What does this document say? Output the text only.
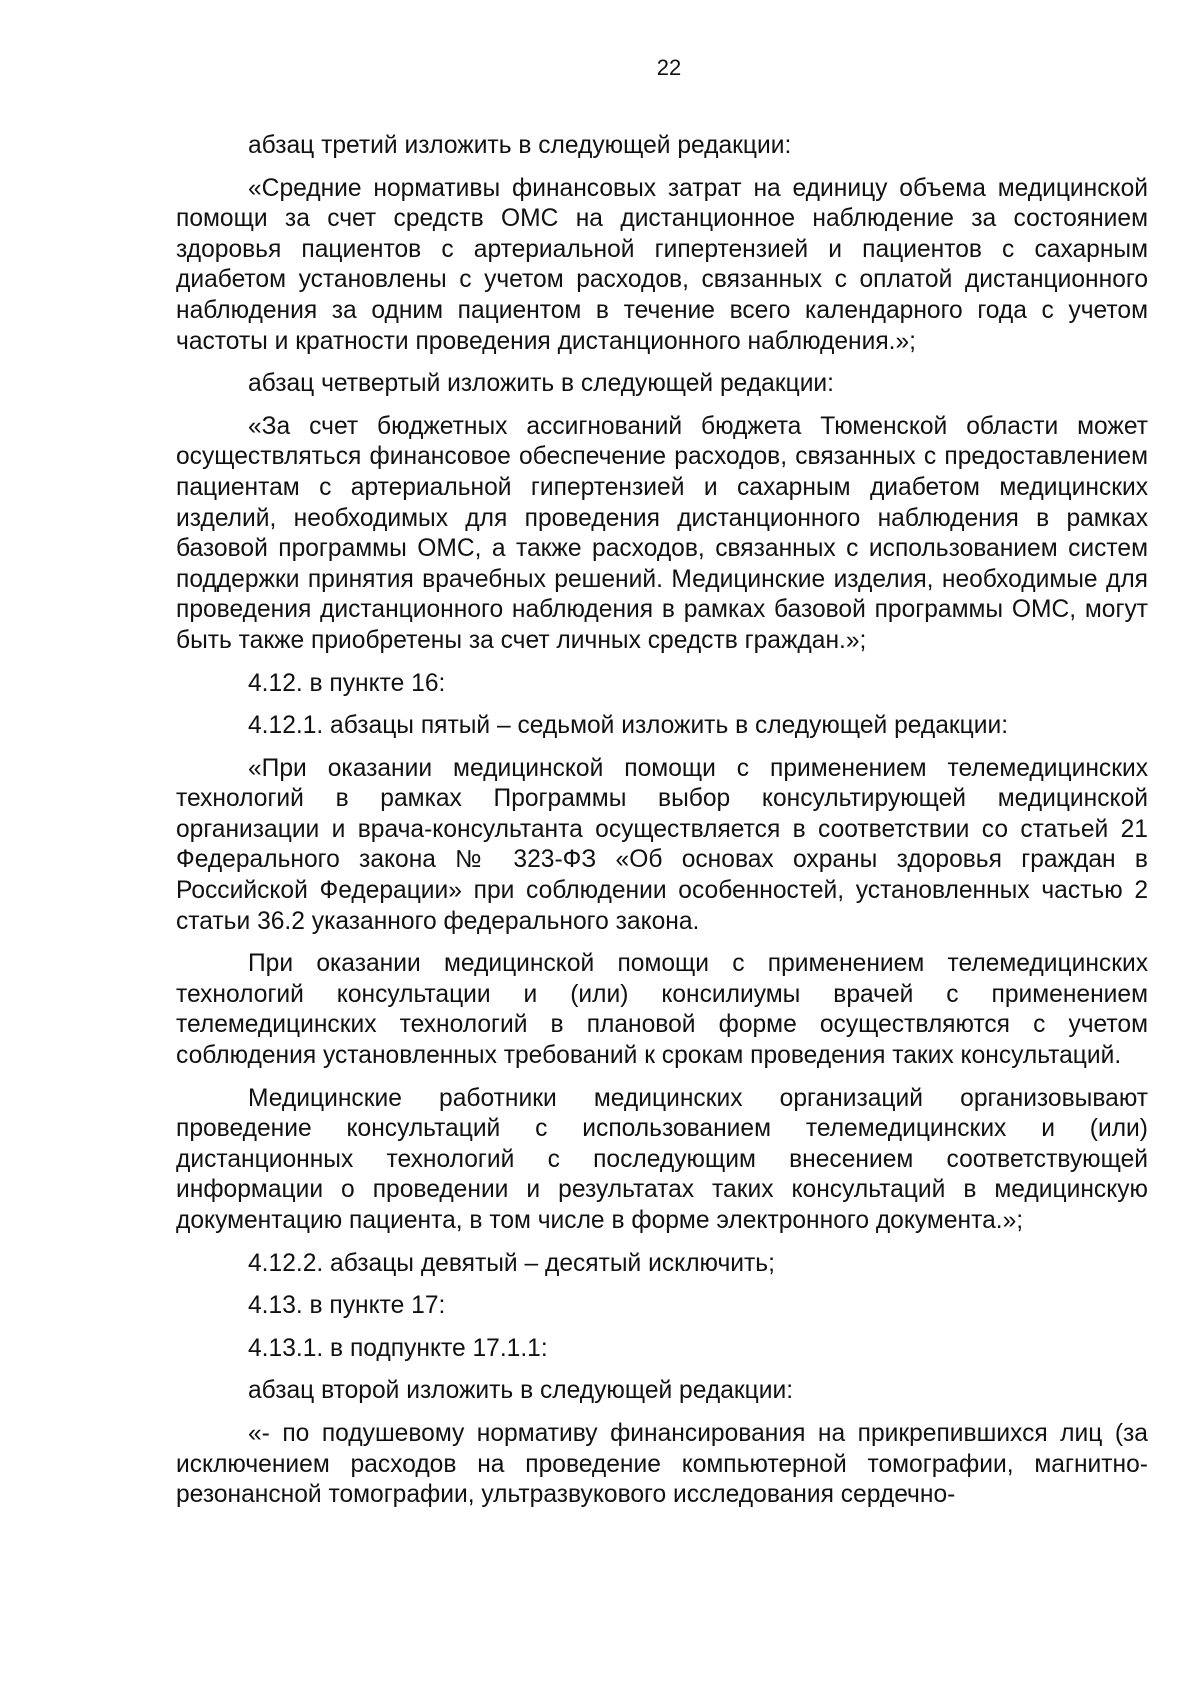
22

абзац третий изложить в следующей редакции:

«Средние нормативы финансовых затрат на единицу объема медицинской помощи за счет средств ОМС на дистанционное наблюдение за состоянием здоровья пациентов с артериальной гипертензией и пациентов с сахарным диабетом установлены с учетом расходов, связанных с оплатой дистанционного наблюдения за одним пациентом в течение всего календарного года с учетом частоты и кратности проведения дистанционного наблюдения.»;

абзац четвертый изложить в следующей редакции:

«За счет бюджетных ассигнований бюджета Тюменской области может осуществляться финансовое обеспечение расходов, связанных с предоставлением пациентам с артериальной гипертензией и сахарным диабетом медицинских изделий, необходимых для проведения дистанционного наблюдения в рамках базовой программы ОМС, а также расходов, связанных с использованием систем поддержки принятия врачебных решений. Медицинские изделия, необходимые для проведения дистанционного наблюдения в рамках базовой программы ОМС, могут быть также приобретены за счет личных средств граждан.»;

4.12. в пункте 16:

4.12.1. абзацы пятый – седьмой изложить в следующей редакции:

«При оказании медицинской помощи с применением телемедицинских технологий в рамках Программы выбор консультирующей медицинской организации и врача-консультанта осуществляется в соответствии со статьей 21 Федерального закона № 323-ФЗ «Об основах охраны здоровья граждан в Российской Федерации» при соблюдении особенностей, установленных частью 2 статьи 36.2 указанного федерального закона.

При оказании медицинской помощи с применением телемедицинских технологий консультации и (или) консилиумы врачей с применением телемедицинских технологий в плановой форме осуществляются с учетом соблюдения установленных требований к срокам проведения таких консультаций.

Медицинские работники медицинских организаций организовывают проведение консультаций с использованием телемедицинских и (или) дистанционных технологий с последующим внесением соответствующей информации о проведении и результатах таких консультаций в медицинскую документацию пациента, в том числе в форме электронного документа.»;

4.12.2. абзацы девятый – десятый исключить;

4.13. в пункте 17:

4.13.1. в подпункте 17.1.1:

абзац второй изложить в следующей редакции:

«- по подушевому нормативу финансирования на прикрепившихся лиц (за исключением расходов на проведение компьютерной томографии, магнитно-резонансной томографии, ультразвукового исследования сердечно-
